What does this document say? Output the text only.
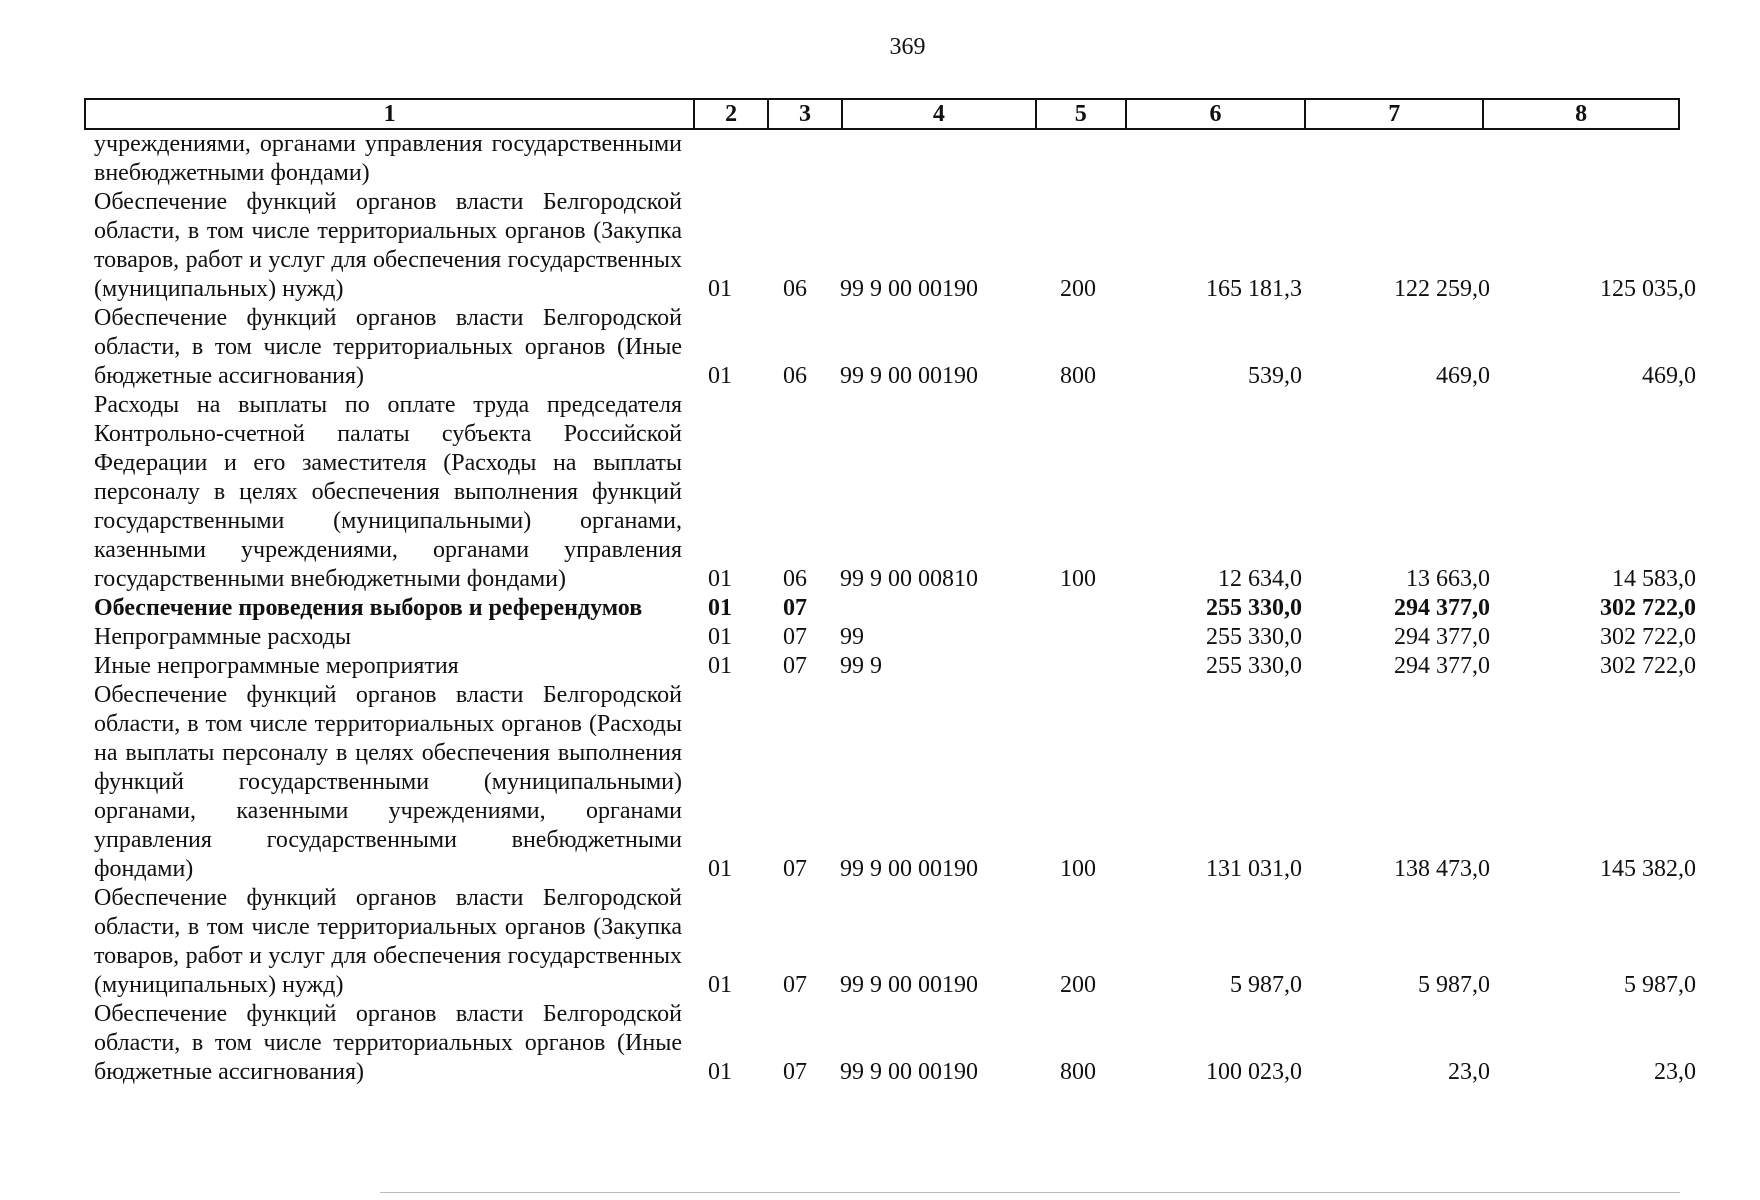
369
1	2	3	4	5	6	7	8
учреждениями, органами управления государственными внебюджетными фондами)							
Обеспечение функций органов власти Белгородской области, в том числе территориальных органов (Закупка товаров, работ и услуг для обеспечения государственных (муниципальных) нужд)	01	06	99 9 00 00190	200	165 181,3	122 259,0	125 035,0
Обеспечение функций органов власти Белгородской области, в том числе территориальных органов (Иные бюджетные ассигнования)	01	06	99 9 00 00190	800	539,0	469,0	469,0
Расходы на выплаты по оплате труда председателя Контрольно-счетной палаты субъекта Российской Федерации и его заместителя (Расходы на выплаты персоналу в целях обеспечения выполнения функций государственными (муниципальными) органами, казенными учреждениями, органами управления государственными внебюджетными фондами)	01	06	99 9 00 00810	100	12 634,0	13 663,0	14 583,0
Обеспечение проведения выборов и референдумов	01	07			255 330,0	294 377,0	302 722,0
Непрограммные расходы	01	07	99		255 330,0	294 377,0	302 722,0
Иные непрограммные мероприятия	01	07	99 9		255 330,0	294 377,0	302 722,0
Обеспечение функций органов власти Белгородской области, в том числе территориальных органов (Расходы на выплаты персоналу в целях обеспечения выполнения функций государственными (муниципальными) органами, казенными учреждениями, органами управления государственными внебюджетными фондами)	01	07	99 9 00 00190	100	131 031,0	138 473,0	145 382,0
Обеспечение функций органов власти Белгородской области, в том числе территориальных органов (Закупка товаров, работ и услуг для обеспечения государственных (муниципальных) нужд)	01	07	99 9 00 00190	200	5 987,0	5 987,0	5 987,0
Обеспечение функций органов власти Белгородской области, в том числе территориальных органов (Иные бюджетные ассигнования)	01	07	99 9 00 00190	800	100 023,0	23,0	23,0
